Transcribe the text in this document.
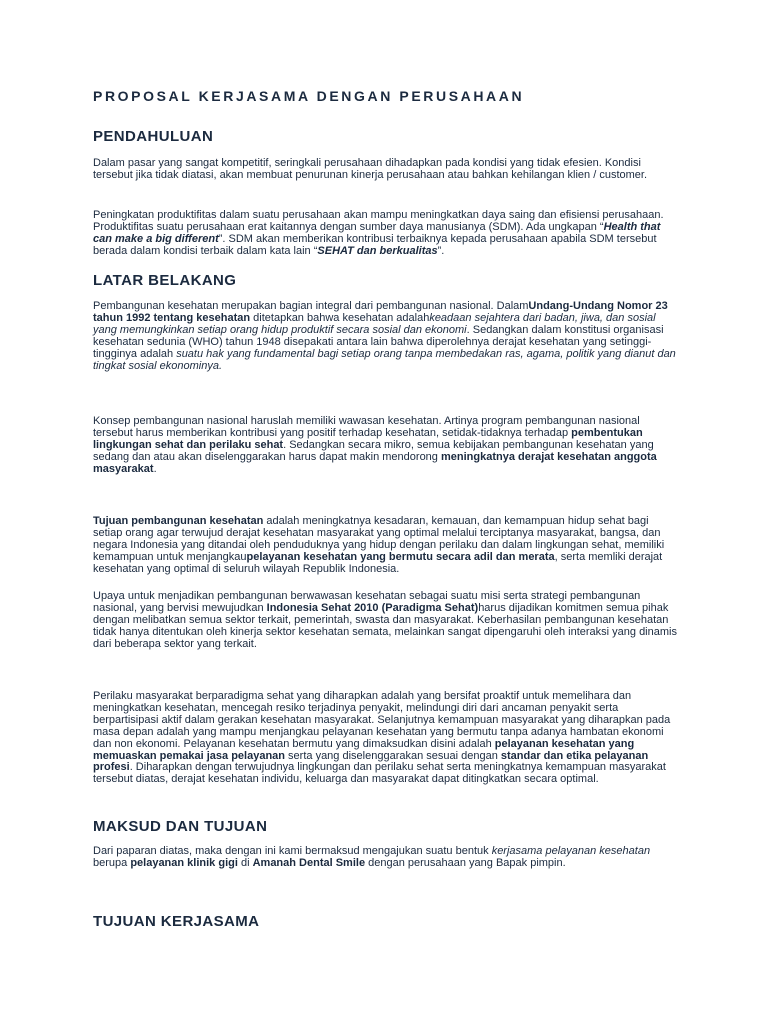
PROPOSAL KERJASAMA DENGAN PERUSAHAAN
PENDAHULUAN

Dalam pasar yang sangat kompetitif, seringkali perusahaan dihadapkan pada kondisi yang tidak efesien. Kondisi tersebut jika tidak diatasi, akan membuat penurunan kinerja perusahaan atau bahkan kehilangan klien / customer.

Peningkatan produktifitas dalam suatu perusahaan akan mampu meningkatkan daya saing dan efisiensi perusahaan. Produktifitas suatu perusahaan erat kaitannya dengan sumber daya manusianya (SDM). Ada ungkapan “Health that can make a big different”. SDM akan memberikan kontribusi terbaiknya kepada perusahaan apabila SDM tersebut berada dalam kondisi terbaik dalam kata lain “SEHAT dan berkualitas”.

LATAR BELAKANG

Pembangunan kesehatan merupakan bagian integral dari pembangunan nasional. DalamUndang-Undang Nomor 23 tahun 1992 tentang kesehatan ditetapkan bahwa kesehatan adalahkeadaan sejahtera dari badan, jiwa, dan sosial yang memungkinkan setiap orang hidup produktif secara sosial dan ekonomi. Sedangkan dalam konstitusi organisasi kesehatan sedunia (WHO) tahun 1948 disepakati antara lain bahwa diperolehnya derajat kesehatan yang setinggi-tingginya adalah suatu hak yang fundamental bagi setiap orang tanpa membedakan ras, agama, politik yang dianut dan tingkat sosial ekonominya.

Konsep pembangunan nasional haruslah memiliki wawasan kesehatan. Artinya program pembangunan nasional tersebut harus memberikan kontribusi yang positif terhadap kesehatan, setidak-tidaknya terhadap pembentukan lingkungan sehat dan perilaku sehat. Sedangkan secara mikro, semua kebijakan pembangunan kesehatan yang sedang dan atau akan diselenggarakan harus dapat makin mendorong meningkatnya derajat kesehatan anggota masyarakat.

Tujuan pembangunan kesehatan adalah meningkatnya kesadaran, kemauan, dan kemampuan hidup sehat bagi setiap orang agar terwujud derajat kesehatan masyarakat yang optimal melalui terciptanya masyarakat, bangsa, dan negara Indonesia yang ditandai oleh penduduknya yang hidup dengan perilaku dan dalam lingkungan sehat, memiliki kemampuan untuk menjangkaupelayanan kesehatan yang bermutu secara adil dan merata, serta memliki derajat kesehatan yang optimal di seluruh wilayah Republik Indonesia.

Upaya untuk menjadikan pembangunan berwawasan kesehatan sebagai suatu misi serta strategi pembangunan nasional, yang bervisi mewujudkan Indonesia Sehat 2010 (Paradigma Sehat)harus dijadikan komitmen semua pihak dengan melibatkan semua sektor terkait, pemerintah, swasta dan masyarakat. Keberhasilan pembangunan kesehatan tidak hanya ditentukan oleh kinerja sektor kesehatan semata, melainkan sangat dipengaruhi oleh interaksi yang dinamis dari beberapa sektor yang terkait.

Perilaku masyarakat berparadigma sehat yang diharapkan adalah yang bersifat proaktif untuk memelihara dan meningkatkan kesehatan, mencegah resiko terjadinya penyakit, melindungi diri dari ancaman penyakit serta berpartisipasi aktif dalam gerakan kesehatan masyarakat. Selanjutnya kemampuan masyarakat yang diharapkan pada masa depan adalah yang mampu menjangkau pelayanan kesehatan yang bermutu tanpa adanya hambatan ekonomi dan non ekonomi. Pelayanan kesehatan bermutu yang dimaksudkan disini adalah pelayanan kesehatan yang memuaskan pemakai jasa pelayanan serta yang diselenggarakan sesuai dengan standar dan etika pelayanan profesi. Diharapkan dengan terwujudnya lingkungan dan perilaku sehat serta meningkatnya kemampuan masyarakat tersebut diatas, derajat kesehatan individu, keluarga dan masyarakat dapat ditingkatkan secara optimal.

MAKSUD DAN TUJUAN

Dari paparan diatas, maka dengan ini kami bermaksud mengajukan suatu bentuk kerjasama pelayanan kesehatan berupa pelayanan klinik gigi di Amanah Dental Smile dengan perusahaan yang Bapak pimpin.

TUJUAN KERJASAMA
